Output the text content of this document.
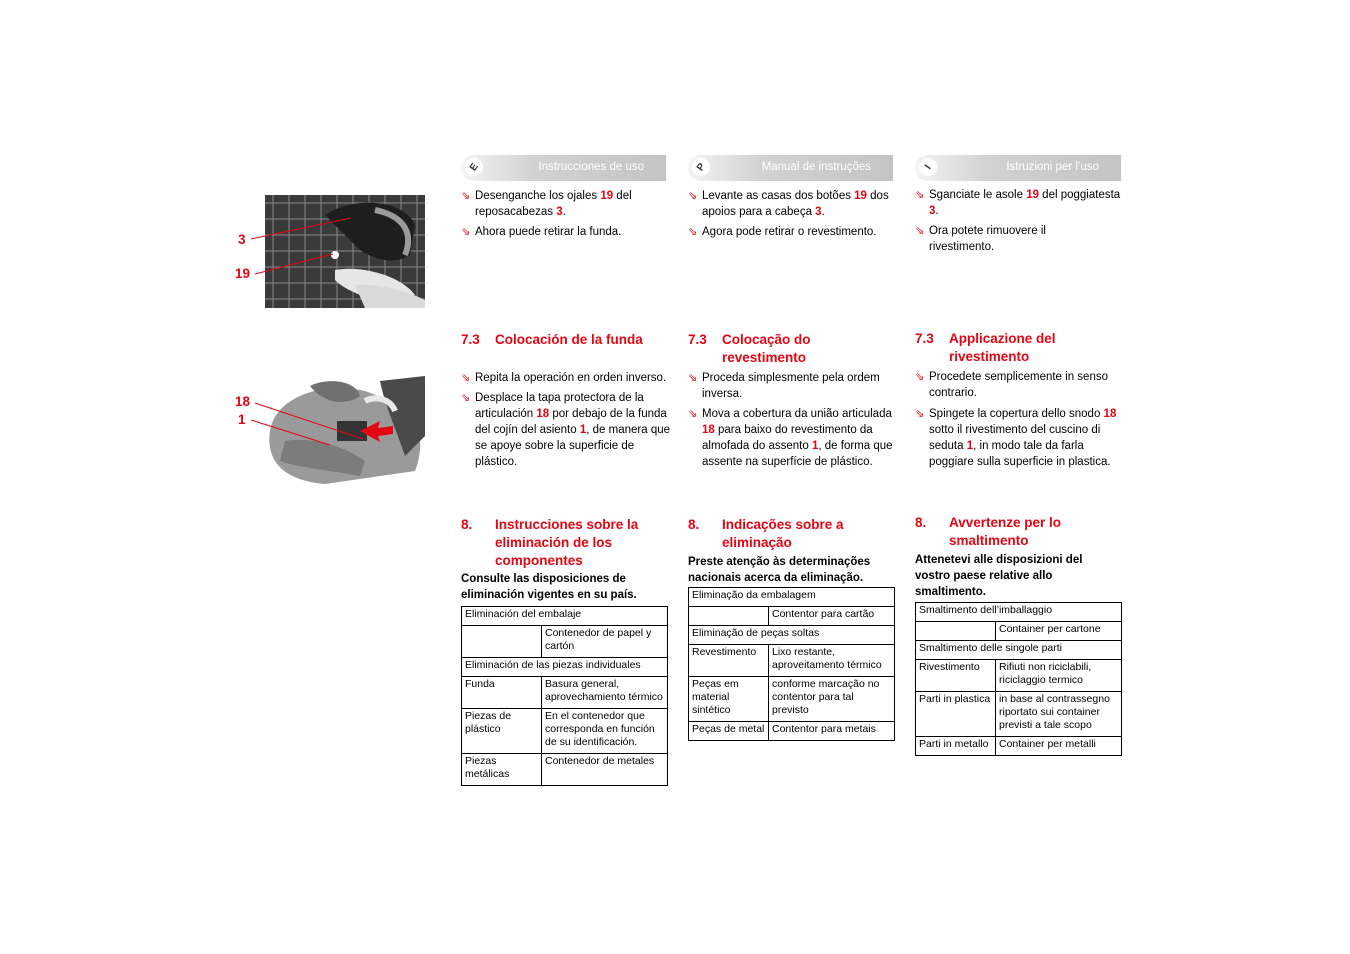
3
19
18
1
E	Instrucciones de uso

⇘ Desenganche los ojales 19 del reposacabezas 3.

⇘ Ahora puede retirar la funda.

7.3	Colocación de la funda

⇘ Repita la operación en orden inverso.

⇘ Desplace la tapa protectora de la articulación 18 por debajo de la funda del cojín del asiento 1, de manera que se apoye sobre la superficie de plástico.

8.	Instrucciones sobre la eliminación de los componentes
Consulte las disposiciones de eliminación vigentes en su país.
Eliminación del embalaje	
	Contenedor de papel y cartón
Eliminación de las piezas individuales	
Funda	Basura general, aprovechamiento térmico
Piezas de plástico	En el contenedor que corresponda en función de su identificación.
Piezas metálicas	Contenedor de metales
P	Manual de instruções

⇘ Levante as casas dos botões 19 dos apoios para a cabeça 3.

⇘ Agora pode retirar o revestimento.

7.3	Colocação do revestimento

⇘ Proceda simplesmente pela ordem inversa.

⇘ Mova a cobertura da união articulada 18 para baixo do revestimento da almofada do assento 1, de forma que assente na superfície de plástico.

8.	Indicações sobre a eliminação
Preste atenção às determinações nacionais acerca da eliminação.
Eliminação da embalagem	
	Contentor para cartão
Eliminação de peças soltas	
Revestimento	Lixo restante, aproveitamento térmico
Peças em material sintético	conforme marcação no contentor para tal previsto
Peças de metal	Contentor para metais
I	Istruzioni per l’uso

⇘ Sganciate le asole 19 del poggiatesta 3.

⇘ Ora potete rimuovere il rivestimento.

7.3	Applicazione del rivestimento

⇘ Procedete semplicemente in senso contrario.

⇘ Spingete la copertura dello snodo 18 sotto il rivestimento del cuscino di seduta 1, in modo tale da farla poggiare sulla superficie in plastica.

8.	Avvertenze per lo smaltimento
Attenetevi alle disposizioni del vostro paese relative allo smaltimento.
Smaltimento dell’imballaggio	
	Container per cartone
Smaltimento delle singole parti	
Rivestimento	Rifiuti non riciclabili, riciclaggio termico
Parti in plastica	in base al contrassegno riportato sui container previsti a tale scopo
Parti in metallo	Container per metalli
